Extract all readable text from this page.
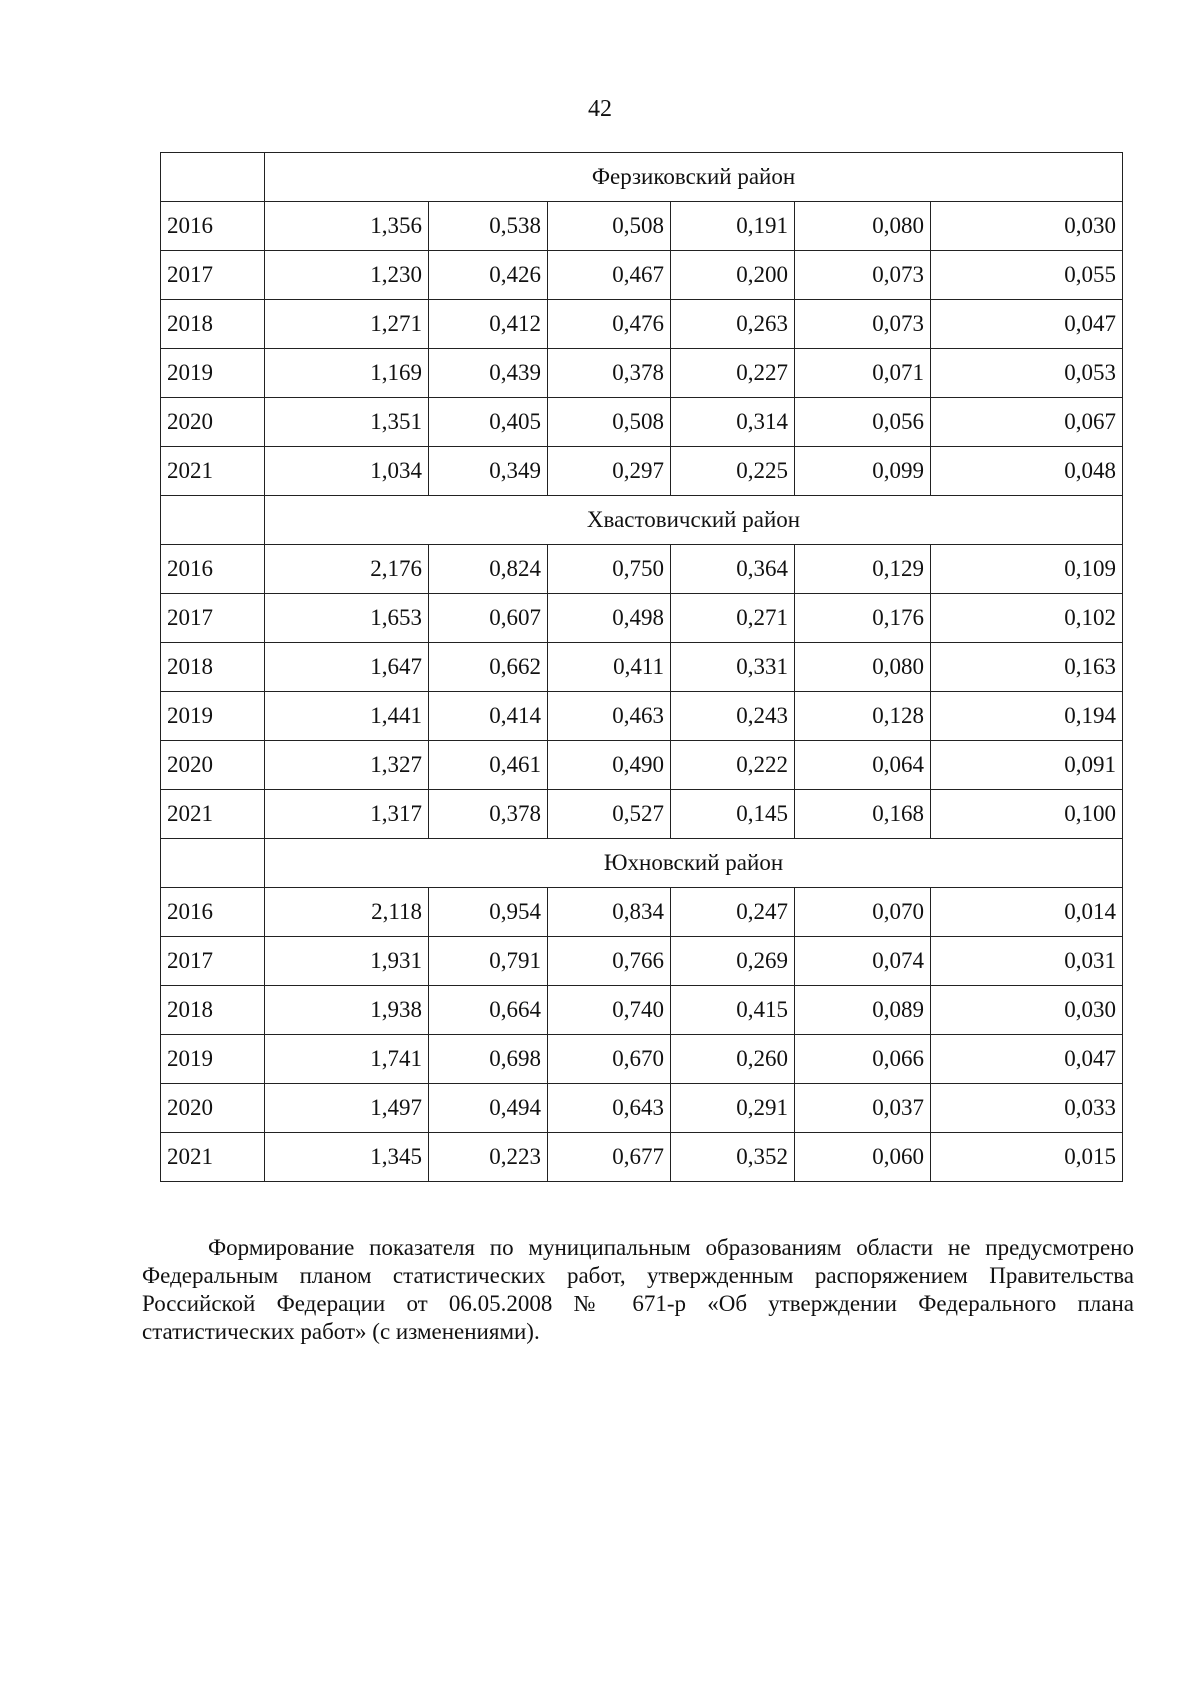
42
	Ферзиковский район					
2016	1,356	0,538	0,508	0,191	0,080	0,030
2017	1,230	0,426	0,467	0,200	0,073	0,055
2018	1,271	0,412	0,476	0,263	0,073	0,047
2019	1,169	0,439	0,378	0,227	0,071	0,053
2020	1,351	0,405	0,508	0,314	0,056	0,067
2021	1,034	0,349	0,297	0,225	0,099	0,048
	Хвастовичский район					
2016	2,176	0,824	0,750	0,364	0,129	0,109
2017	1,653	0,607	0,498	0,271	0,176	0,102
2018	1,647	0,662	0,411	0,331	0,080	0,163
2019	1,441	0,414	0,463	0,243	0,128	0,194
2020	1,327	0,461	0,490	0,222	0,064	0,091
2021	1,317	0,378	0,527	0,145	0,168	0,100
	Юхновский район					
2016	2,118	0,954	0,834	0,247	0,070	0,014
2017	1,931	0,791	0,766	0,269	0,074	0,031
2018	1,938	0,664	0,740	0,415	0,089	0,030
2019	1,741	0,698	0,670	0,260	0,066	0,047
2020	1,497	0,494	0,643	0,291	0,037	0,033
2021	1,345	0,223	0,677	0,352	0,060	0,015

Формирование показателя по муниципальным образованиям области не предусмотрено Федеральным планом статистических работ, утвержденным распоряжением Правительства Российской Федерации от 06.05.2008 № 671-р «Об утверждении Федерального плана статистических работ» (с изменениями).
